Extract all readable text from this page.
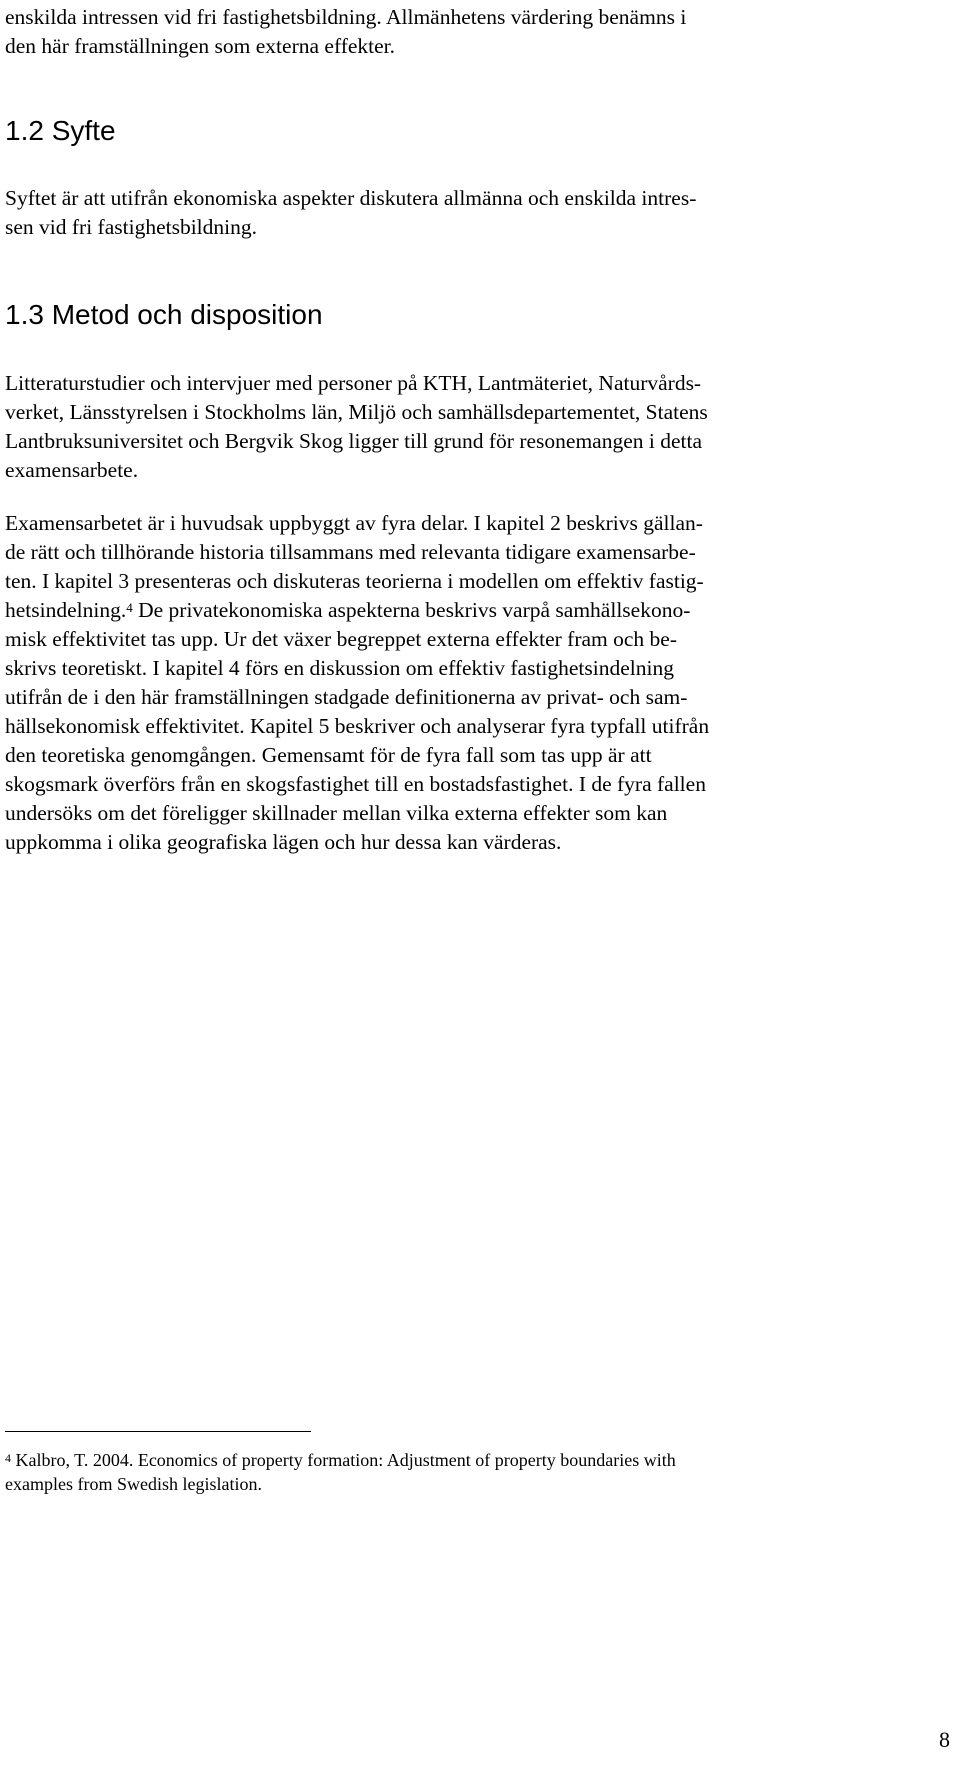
enskilda intressen vid fri fastighetsbildning. Allmänhetens värdering benämns i
den här framställningen som externa effekter.
1.2 Syfte
Syftet är att utifrån ekonomiska aspekter diskutera allmänna och enskilda intres-
sen vid fri fastighetsbildning.
1.3 Metod och disposition
Litteraturstudier och intervjuer med personer på KTH, Lantmäteriet, Naturvårds-
verket, Länsstyrelsen i Stockholms län, Miljö och samhällsdepartementet, Statens
Lantbruksuniversitet och Bergvik Skog ligger till grund för resonemangen i detta
examensarbete.
Examensarbetet är i huvudsak uppbyggt av fyra delar. I kapitel 2 beskrivs gällan-
de rätt och tillhörande historia tillsammans med relevanta tidigare examensarbe-
ten. I kapitel 3 presenteras och diskuteras teorierna i modellen om effektiv fastig-
hetsindelning.$^4$ De privatekonomiska aspekterna beskrivs varpå samhällsekono-
misk effektivitet tas upp. Ur det växer begreppet externa effekter fram och be-
skrivs teoretiskt. I kapitel 4 förs en diskussion om effektiv fastighetsindelning
utifrån de i den här framställningen stadgade definitionerna av privat- och sam-
hällsekonomisk effektivitet. Kapitel 5 beskriver och analyserar fyra typfall utifrån
den teoretiska genomgången. Gemensamt för de fyra fall som tas upp är att
skogsmark överförs från en skogsfastighet till en bostadsfastighet. I de fyra fallen
undersöks om det föreligger skillnader mellan vilka externa effekter som kan
uppkomma i olika geografiska lägen och hur dessa kan värderas.
$^4$ Kalbro, T. 2004. Economics of property formation: Adjustment of property boundaries with
examples from Swedish legislation.
8
